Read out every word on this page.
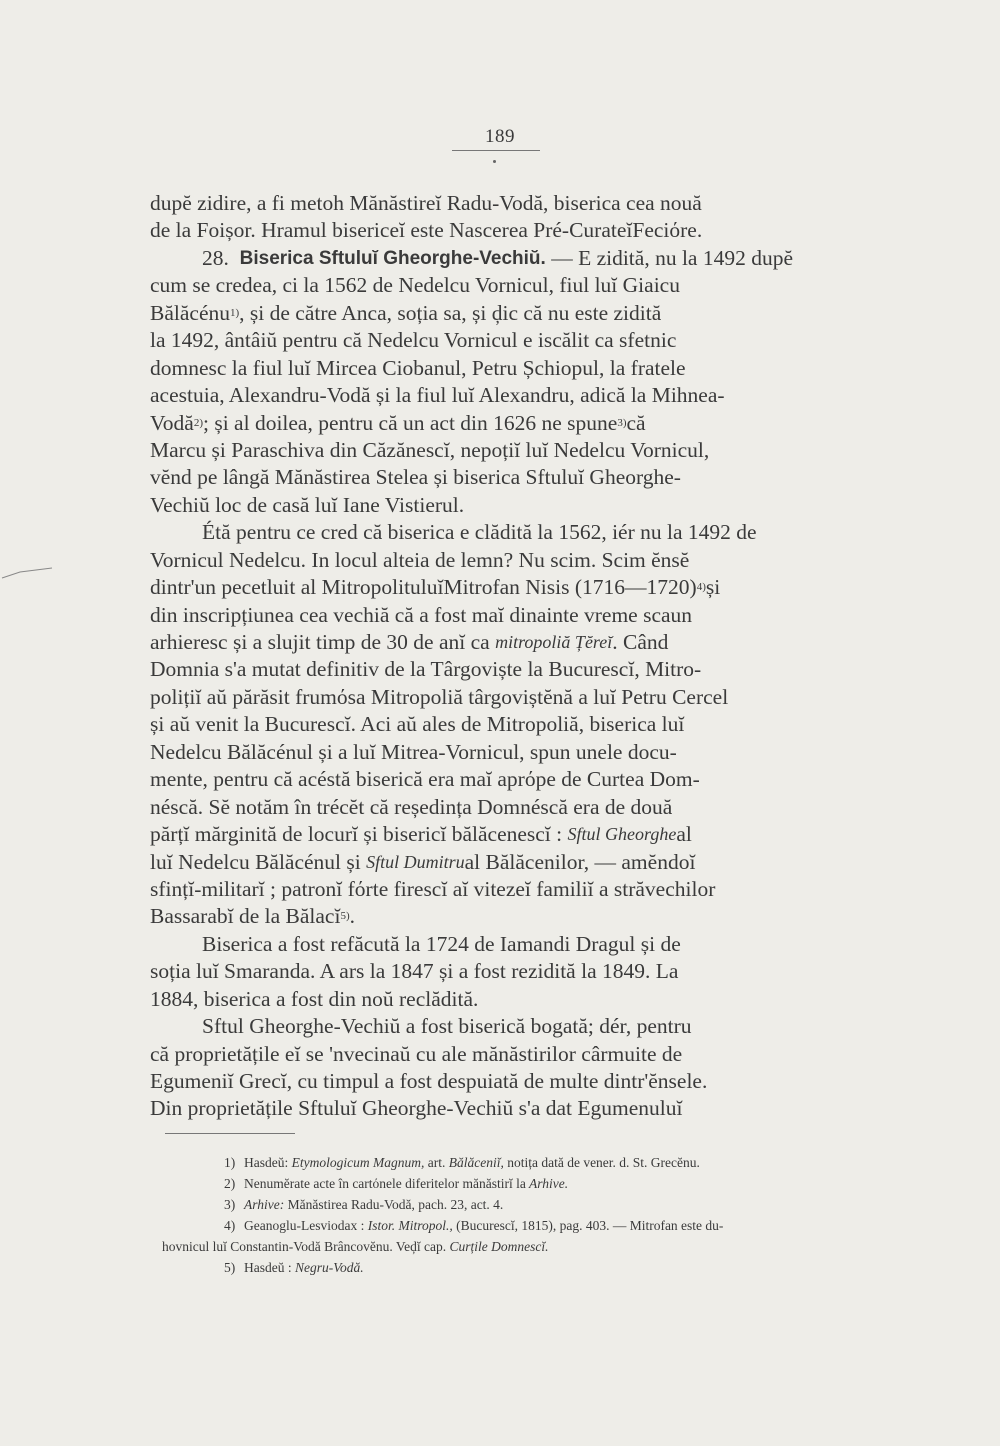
189
dupĕ zidire, a fi metoh Mănăstireĭ Radu-Vodă, biserica cea nouă
de la Foișor. Hramul bisericeĭ este Nascerea Pré-CurateĭFeciόre.
28.
Biserica Sftuluĭ Gheorghe-Vechiŭ.
— E zidită, nu la 1492 dupĕ
cum se credea, ci la 1562 de Nedelcu Vornicul, fiul luĭ Giaicu
Bălăcénu 1) , și de către Anca, soția sa, și ḑic că nu este zidită
la 1492, ântâiŭ pentru că Nedelcu Vornicul e iscălit ca sfetnic
domnesc la fiul luĭ Mircea Ciobanul, Petru Șchiopul, la fratele
acestuia, Alexandru-Vodă și la fiul luĭ Alexandru, adică la Mihnea-
Vodă 2) ; și al doilea, pentru că un act din 1626 ne spune 3) că
Marcu și Paraschiva din Căzănescĭ, nepoțiĭ luĭ Nedelcu Vornicul,
vĕnd pe lângă Mănăstirea Stelea și biserica Sftuluĭ Gheorghe-
Vechiŭ loc de casă luĭ Iane Vistierul.
Étă pentru ce cred că biserica e clădită la 1562, iér nu la 1492 de
Vornicul Nedelcu. In locul alteia de lemn? Nu scim. Scim ĕnsĕ
dintr'un pecetluit al MitropolituluĭMitrofan Nisis (1716—1720) 4) și
din inscripțiunea cea vechiă că a fost maĭ dinainte vreme scaun
arhieresc și a slujit timp de 30 de anĭ ca
mitropoliă Țĕreĭ . Când
Domnia s'a mutat definitiv de la Târgoviște la Bucurescĭ, Mitro-
polițiĭ aŭ părăsit frumόsa Mitropoliă târgoviștĕnă a luĭ Petru Cercel
și aŭ venit la Bucurescĭ. Aci aŭ ales de Mitropoliă, biserica luĭ
Nedelcu Bălăcénul și a luĭ Mitrea-Vornicul, spun unele docu-
mente, pentru că acéstă biserică era maĭ aprόpe de Curtea Dom-
néscă. Sĕ notăm în trécĕt că reședința Domnéscă era de două
părțĭ mărginită de locurĭ și bisericĭ bălăcenescĭ :
Sftul Gheorghe al
luĭ Nedelcu Bălăcénul și
Sftul Dumitru al Bălăcenilor, — amĕndoĭ
sfințĭ-militarĭ ; patronĭ fόrte firescĭ aĭ vitezeĭ familiĭ a străvechilor
Bassarabĭ de la Bălacĭ 5) .
Biserica a fost refăcută la 1724 de Iamandi Dragul și de
soția luĭ Smaranda. A ars la 1847 și a fost rezidită la 1849. La
1884, biserica a fost din noŭ reclădită.
Sftul Gheorghe-Vechiŭ a fost biserică bogată; dér, pentru
că proprietățile eĭ se 'nvecinaŭ cu ale mănăstirilor cârmuite de
Egumeniĭ Grecĭ, cu timpul a fost despuiată de multe dintr'ĕnsele.
Din proprietățile Sftuluĭ Gheorghe-Vechiŭ s'a dat Egumenuluĭ
1) Hasdeŭ: Etymologicum Magnum, art. Bălăceniĭ, notița dată de vener. d. St. Grecĕnu.
2) Nenumĕrate acte în cartόnele diferitelor mănăstirĭ la Arhive.
3) Arhive: Mănăstirea Radu-Vodă, pach. 23, act. 4.
4) Geanoglu-Lesviodax : Istor. Mitropol., (Bucurescĭ, 1815), pag. 403. — Mitrofan este du-
hovnicul luĭ Constantin-Vodă Brâncovĕnu. Veḑĭ cap. Curțile Domnescĭ.
5) Hasdeŭ : Negru-Vodă.
